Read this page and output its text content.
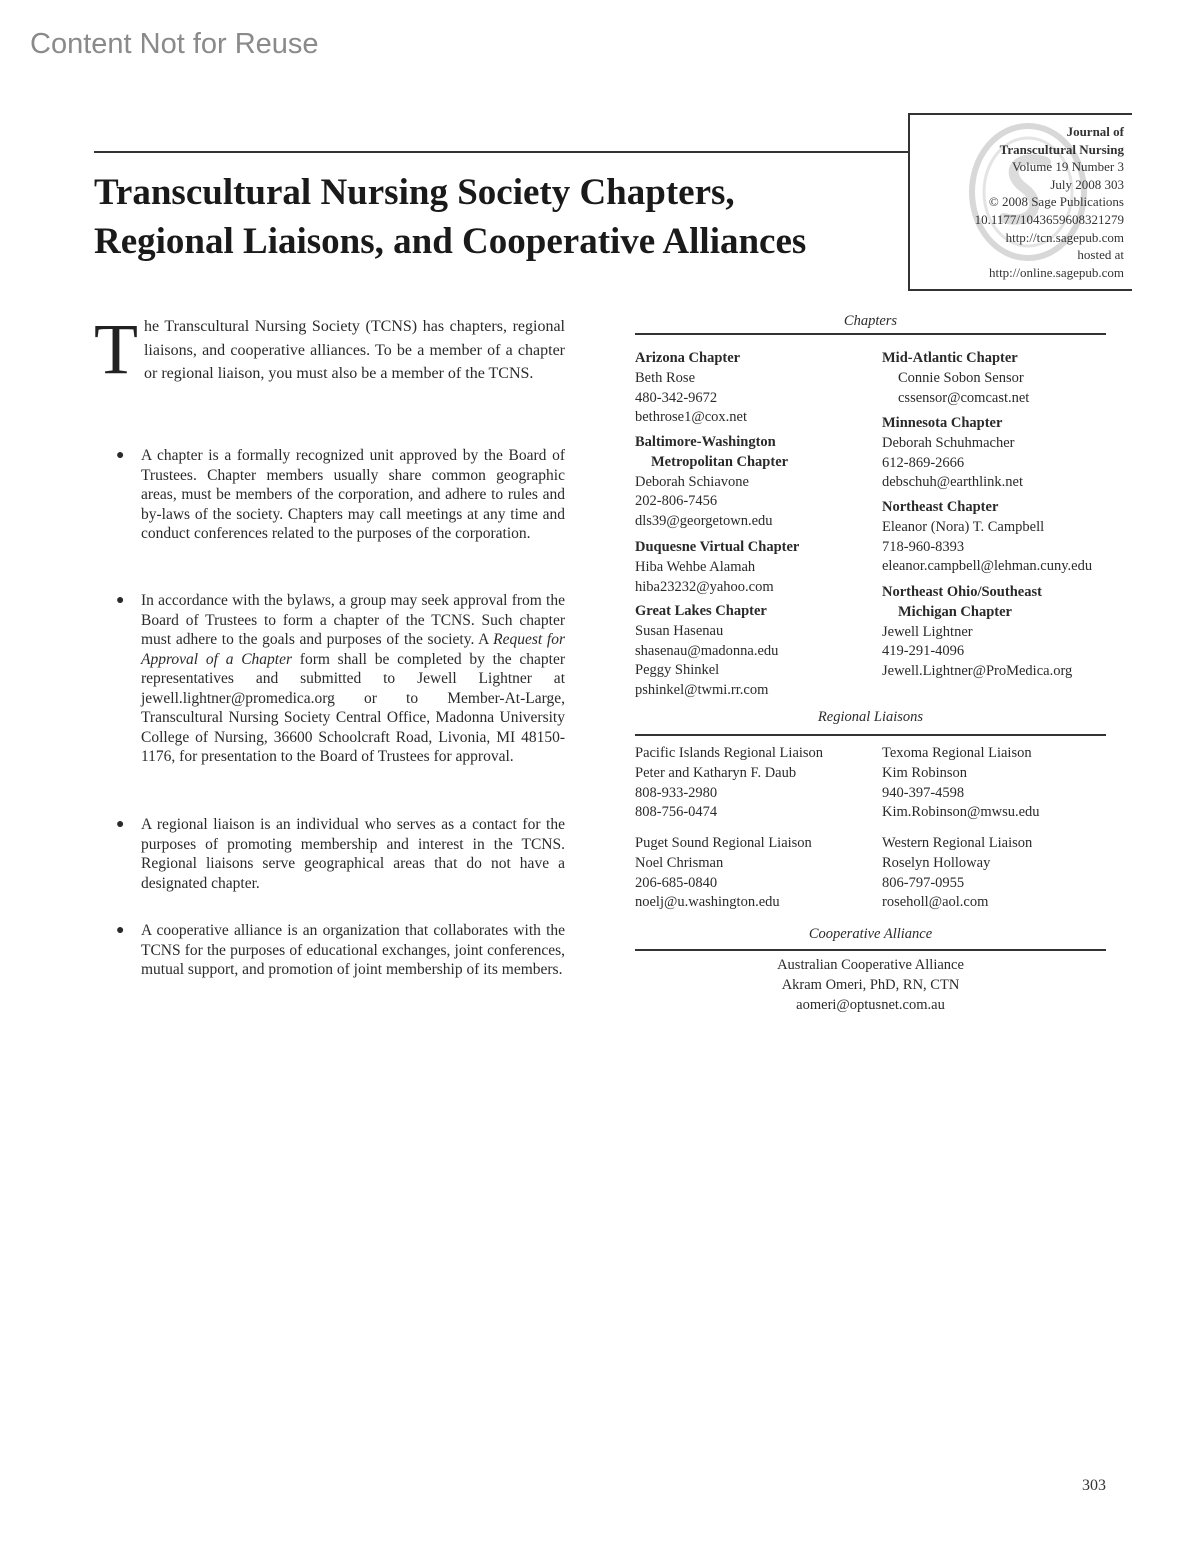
Content Not for Reuse
Journal of
Transcultural Nursing
Volume 19 Number 3
July 2008 303
© 2008 Sage Publications
10.1177/1043659608321279
http://tcn.sagepub.com
hosted at
http://online.sagepub.com
Transcultural Nursing Society Chapters,
Regional Liaisons, and Cooperative Alliances

The Transcultural Nursing Society (TCNS) has chapters, regional liaisons, and cooperative alliances. To be a member of a chapter or regional liaison, you must also be a member of the TCNS.

● A chapter is a formally recognized unit approved by the Board of Trustees. Chapter members usually share common geographic areas, must be members of the corporation, and adhere to rules and by-laws of the society. Chapters may call meetings at any time and conduct conferences related to the purposes of the corporation.
● In accordance with the bylaws, a group may seek approval from the Board of Trustees to form a chapter of the TCNS. Such chapter must adhere to the goals and purposes of the society. A Request for Approval of a Chapter form shall be completed by the chapter representatives and submitted to Jewell Lightner at jewell.lightner@promedica.org or to Member-At-Large, Transcultural Nursing Society Central Office, Madonna University College of Nursing, 36600 Schoolcraft Road, Livonia, MI 48150-1176, for presentation to the Board of Trustees for approval.
● A regional liaison is an individual who serves as a contact for the purposes of promoting membership and interest in the TCNS. Regional liaisons serve geographical areas that do not have a designated chapter.
● A cooperative alliance is an organization that collaborates with the TCNS for the purposes of educational exchanges, joint conferences, mutual support, and promotion of joint membership of its members.
Chapters
Arizona Chapter
Beth Rose
480-342-9672
bethrose1@cox.net
Baltimore-Washington
Metropolitan Chapter
Deborah Schiavone
202-806-7456
dls39@georgetown.edu
Duquesne Virtual Chapter
Hiba Wehbe Alamah
hiba23232@yahoo.com
Great Lakes Chapter
Susan Hasenau
shasenau@madonna.edu
Peggy Shinkel
pshinkel@twmi.rr.com
Mid-Atlantic Chapter
Connie Sobon Sensor
cssensor@comcast.net
Minnesota Chapter
Deborah Schuhmacher
612-869-2666
debschuh@earthlink.net
Northeast Chapter
Eleanor (Nora) T. Campbell
718-960-8393
eleanor.campbell@lehman.cuny.edu
Northeast Ohio/Southeast
Michigan Chapter
Jewell Lightner
419-291-4096
Jewell.Lightner@ProMedica.org
Regional Liaisons
Pacific Islands Regional Liaison
Peter and Katharyn F. Daub
808-933-2980
808-756-0474
Texoma Regional Liaison
Kim Robinson
940-397-4598
Kim.Robinson@mwsu.edu
Puget Sound Regional Liaison
Noel Chrisman
206-685-0840
noelj@u.washington.edu
Western Regional Liaison
Roselyn Holloway
806-797-0955
roseholl@aol.com
Cooperative Alliance
Australian Cooperative Alliance
Akram Omeri, PhD, RN, CTN
aomeri@optusnet.com.au
303
